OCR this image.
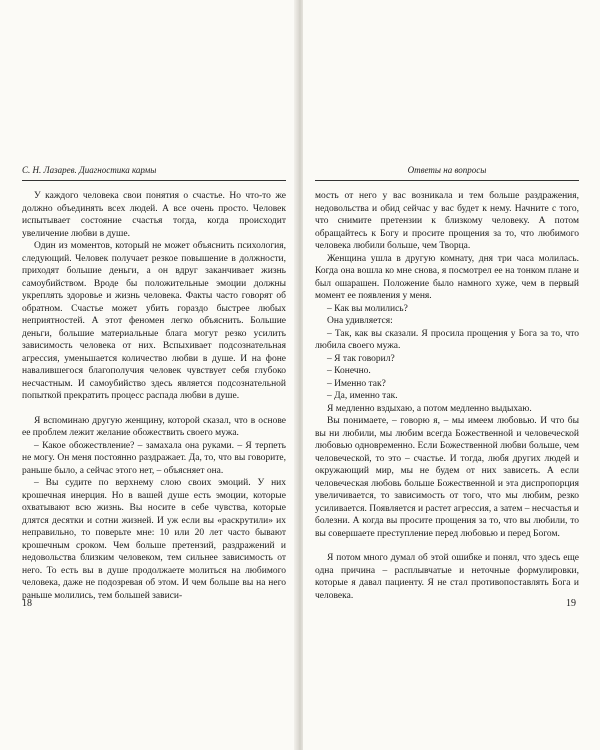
С. Н. Лазарев. Диагностика кармы

У каждого человека свои понятия о счастье. Но что-то же должно объединять всех людей. А все очень просто. Человек испытывает состояние счастья тогда, когда происходит увеличение любви в душе.

Один из моментов, который не может объяснить психология, следующий. Человек получает резкое повышение в должности, приходят большие деньги, а он вдруг заканчивает жизнь самоубийством. Вроде бы положительные эмоции должны укреплять здоровье и жизнь человека. Факты часто говорят об обратном. Счастье может убить гораздо быстрее любых неприятностей. А этот феномен легко объяснить. Большие деньги, большие материальные блага могут резко усилить зависимость человека от них. Вспыхивает подсознательная агрессия, уменьшается количество любви в душе. И на фоне навалившегося благополучия человек чувствует себя глубоко несчастным. И самоубийство здесь является подсознательной попыткой прекратить процесс распада любви в душе.

Я вспоминаю другую женщину, которой сказал, что в основе ее проблем лежит желание обожествить своего мужа.

– Какое обожествление? – замахала она руками. – Я терпеть не могу. Он меня постоянно раздражает. Да, то, что вы говорите, раньше было, а сейчас этого нет, – объясняет она.

– Вы судите по верхнему слою своих эмоций. У них крошечная инерция. Но в вашей душе есть эмоции, которые охватывают всю жизнь. Вы носите в себе чувства, которые длятся десятки и сотни жизней. И уж если вы «раскрутили» их неправильно, то поверьте мне: 10 или 20 лет часто бывают крошечным сроком. Чем больше претензий, раздражений и недовольства близким человеком, тем сильнее зависимость от него. То есть вы в душе продолжаете молиться на любимого человека, даже не подозревая об этом. И чем больше вы на него раньше молились, тем большей зависи-

18
Ответы на вопросы

мость от него у вас возникала и тем больше раздражения, недовольства и обид сейчас у вас будет к нему. Начните с того, что снимите претензии к близкому человеку. А потом обращайтесь к Богу и просите прощения за то, что любимого человека любили больше, чем Творца.

Женщина ушла в другую комнату, дня три часа молилась. Когда она вошла ко мне снова, я посмотрел ее на тонком плане и был ошарашен. Положение было намного хуже, чем в первый момент ее появления у меня.

– Как вы молились?

Она удивляется:

– Так, как вы сказали. Я просила прощения у Бога за то, что любила своего мужа.

– Я так говорил?

– Конечно.

– Именно так?

– Да, именно так.

Я медленно вздыхаю, а потом медленно выдыхаю.

Вы понимаете, – говорю я, – мы имеем любовью. И что бы вы ни любили, мы любим всегда Божественной и человеческой любовью одновременно. Если Божественной любви больше, чем человеческой, то это – счастье. И тогда, любя других людей и окружающий мир, мы не будем от них зависеть. А если человеческая любовь больше Божественной и эта диспропорция увеличивается, то зависимость от того, что мы любим, резко усиливается. Появляется и растет агрессия, а затем – несчастья и болезни. А когда вы просите прощения за то, что вы любили, то вы совершаете преступление перед любовью и перед Богом.

Я потом много думал об этой ошибке и понял, что здесь еще одна причина – расплывчатые и неточные формулировки, которые я давал пациенту. Я не стал противопоставлять Бога и человека.

19
